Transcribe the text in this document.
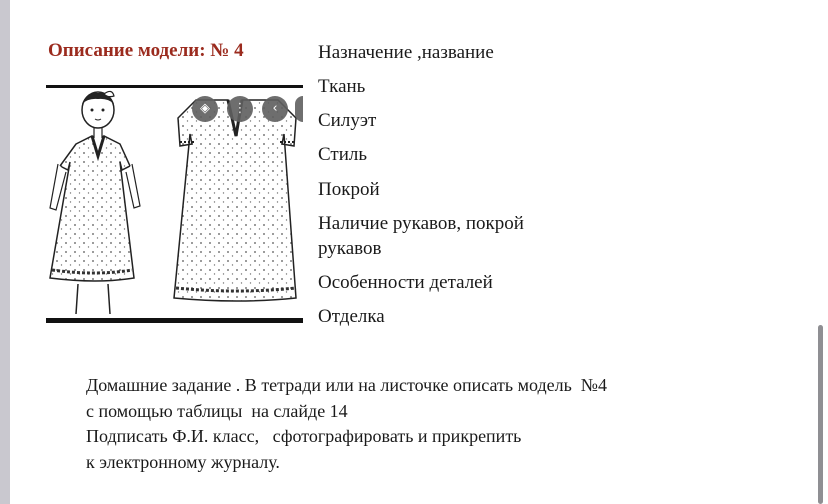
Описание модели: № 4
◈	⋮	‹
Назначение ,название
Ткань
Силуэт
Стиль
Покрой
Наличие рукавов, покрой
рукавов
Особенности деталей
Отделка
Домашние задание . В тетради или на листочке описать модель  №4
с помощью таблицы  на слайде 14
Подписать Ф.И. класс,   сфотографировать и прикрепить
к электронному журналу.
